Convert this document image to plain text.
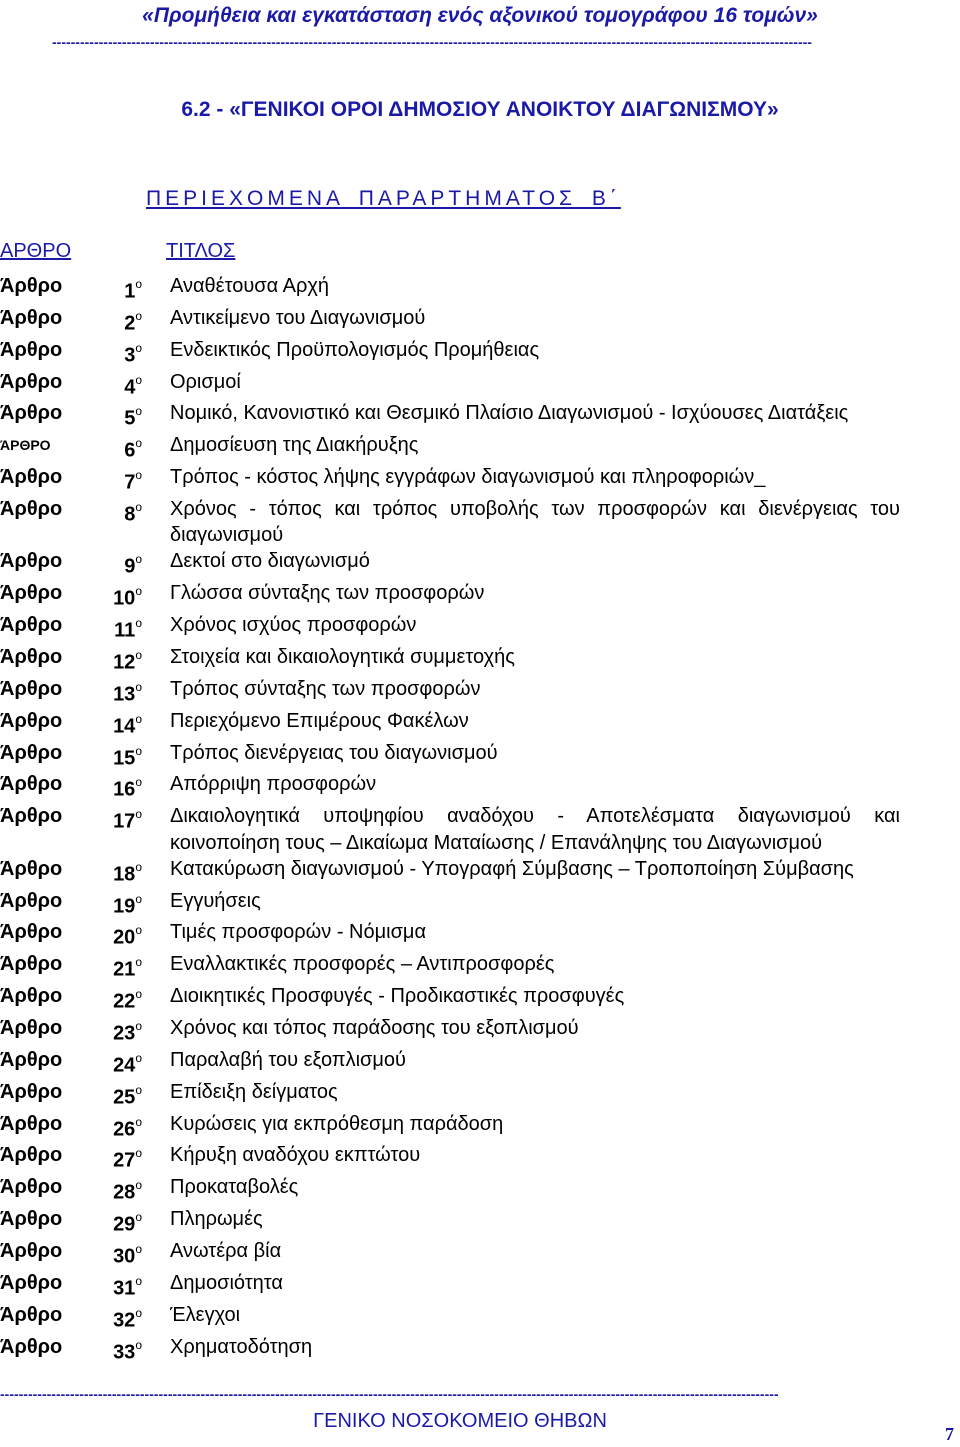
«Προμήθεια και εγκατάσταση ενός αξονικού τομογράφου 16 τομών»
-------------------------------------------------------------------------------------------------------------------------------------------------------------------
6.2 - «ΓΕΝΙΚΟΙ ΟΡΟΙ ΔΗΜΟΣΙΟΥ ΑΝΟΙΚΤΟΥ ΔΙΑΓΩΝΙΣΜΟΥ»
ΠΕΡΙΕΧΟΜΕΝΑ ΠΑΡΑΡΤΗΜΑΤΟΣ Β΄
ΑΡΘΡΟ	ΤΙΤΛΟΣ
Άρθρο	$1^o$	Αναθέτουσα Αρχή
Άρθρο	$2^o$	Αντικείμενο του Διαγωνισμού
Άρθρο	$3^o$	Ενδεικτικός Προϋπολογισμός Προμήθειας
Άρθρο	$4^o$	Ορισμοί
Άρθρο	$5^o$	Νομικό, Κανονιστικό και Θεσμικό Πλαίσιο Διαγωνισμού - Ισχύουσες Διατάξεις
ΆΡΘΡΟ	$6^o$	Δημοσίευση της Διακήρυξης
Άρθρο	$7^o$	Τρόπος - κόστος λήψης εγγράφων διαγωνισμού και πληροφοριών_
Άρθρο	$8^o$	Χρόνος - τόπος και τρόπος υποβολής των προσφορών και διενέργειας του διαγωνισμού
Άρθρο	$9^o$	Δεκτοί στο διαγωνισμό
Άρθρο	$10^o$	Γλώσσα σύνταξης των προσφορών
Άρθρο	$11^o$	Χρόνος ισχύος προσφορών
Άρθρο	$12^o$	Στοιχεία και δικαιολογητικά συμμετοχής
Άρθρο	$13^o$	Τρόπος σύνταξης των προσφορών
Άρθρο	$14^o$	Περιεχόμενο Επιμέρους Φακέλων
Άρθρο	$15^o$	Τρόπος διενέργειας του διαγωνισμού
Άρθρο	$16^o$	Απόρριψη προσφορών
Άρθρο	$17^o$	Δικαιολογητικά υποψηφίου αναδόχου - Αποτελέσματα διαγωνισμού και κοινοποίηση τους – Δικαίωμα Ματαίωσης / Επανάληψης του Διαγωνισμού
Άρθρο	$18^o$	Κατακύρωση διαγωνισμού - Υπογραφή Σύμβασης – Τροποποίηση Σύμβασης
Άρθρο	$19^o$	Εγγυήσεις
Άρθρο	$20^o$	Τιμές προσφορών - Νόμισμα
Άρθρο	$21^o$	Εναλλακτικές προσφορές – Αντιπροσφορές
Άρθρο	$22^o$	Διοικητικές Προσφυγές - Προδικαστικές προσφυγές
Άρθρο	$23^o$	Χρόνος και τόπος παράδοσης του εξοπλισμού
Άρθρο	$24^o$	Παραλαβή του εξοπλισμού
Άρθρο	$25^o$	Επίδειξη δείγματος
Άρθρο	$26^o$	Κυρώσεις για εκπρόθεσμη παράδοση
Άρθρο	$27^o$	Κήρυξη αναδόχου εκπτώτου
Άρθρο	$28^o$	Προκαταβολές
Άρθρο	$29^o$	Πληρωμές
Άρθρο	$30^o$	Ανωτέρα βία
Άρθρο	$31^o$	Δημοσιότητα
Άρθρο	$32^o$	Έλεγχοι
Άρθρο	$33^o$	Χρηματοδότηση
-----------------------------------------------------------------------------------------------------------------------------------------------------------------------
ΓΕΝΙΚΟ ΝΟΣΟΚΟΜΕΙΟ ΘΗΒΩΝ
7
